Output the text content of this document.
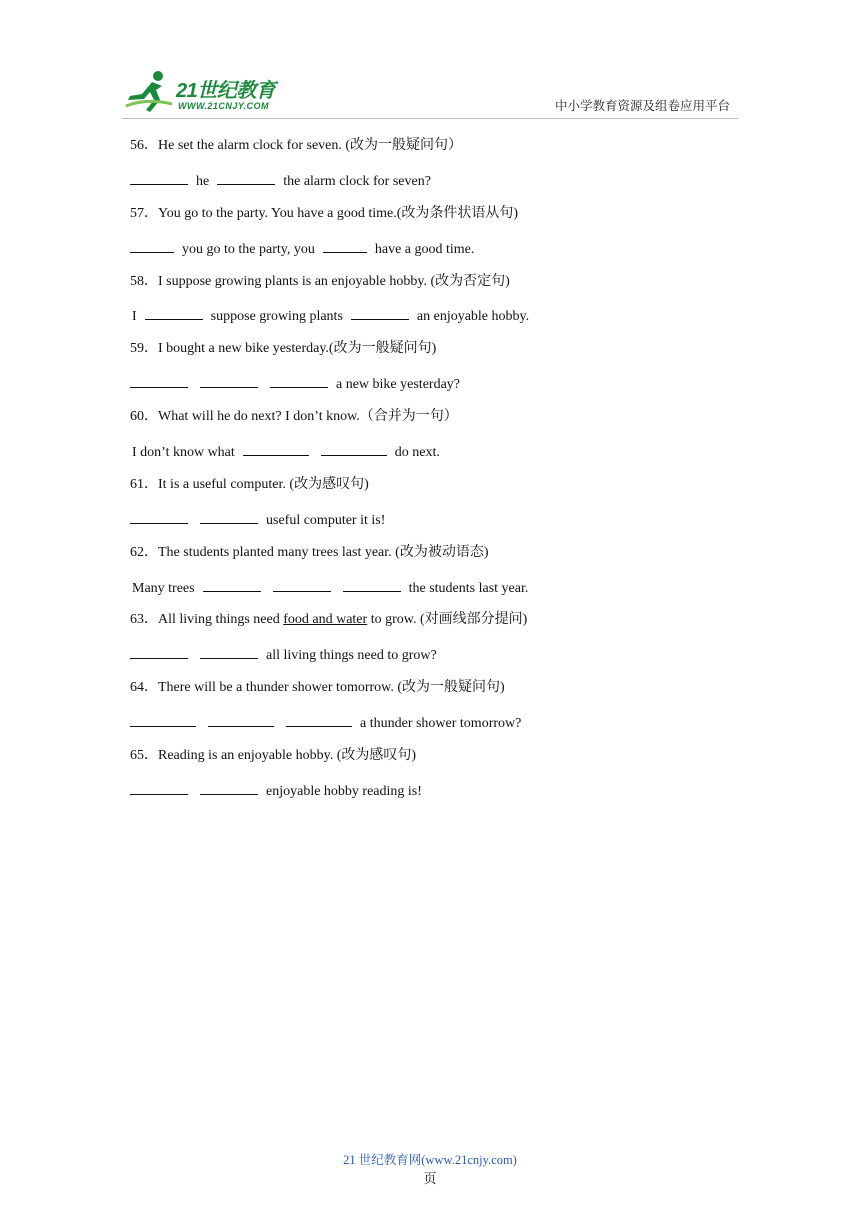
21世纪教育
WWW.21CNJY.COM	中小学教育资源及组卷应用平台
56．He set the alarm clock for seven. (改为一般疑问句）
he	the alarm clock for seven?
57．You go to the party. You have a good time.(改为条件状语从句)
you go to the party, you	have a good time.
58．I suppose growing plants is an enjoyable hobby. (改为否定句)
I	suppose growing plants	an enjoyable hobby.
59．I bought a new bike yesterday.(改为一般疑问句)
a new bike yesterday?
60．What will he do next? I don’t know.（合并为一句）
I don’t know what	do next.
61．It is a useful computer. (改为感叹句)
useful computer it is!
62．The students planted many trees last year. (改为被动语态)
Many trees	the students last year.
63．All living things need food and water to grow. (对画线部分提问)
all living things need to grow?
64．There will be a thunder shower tomorrow. (改为一般疑问句)
a thunder shower tomorrow?
65．Reading is an enjoyable hobby. (改为感叹句)
enjoyable hobby reading is!
21 世纪教育网(www.21cnjy.com)
页
